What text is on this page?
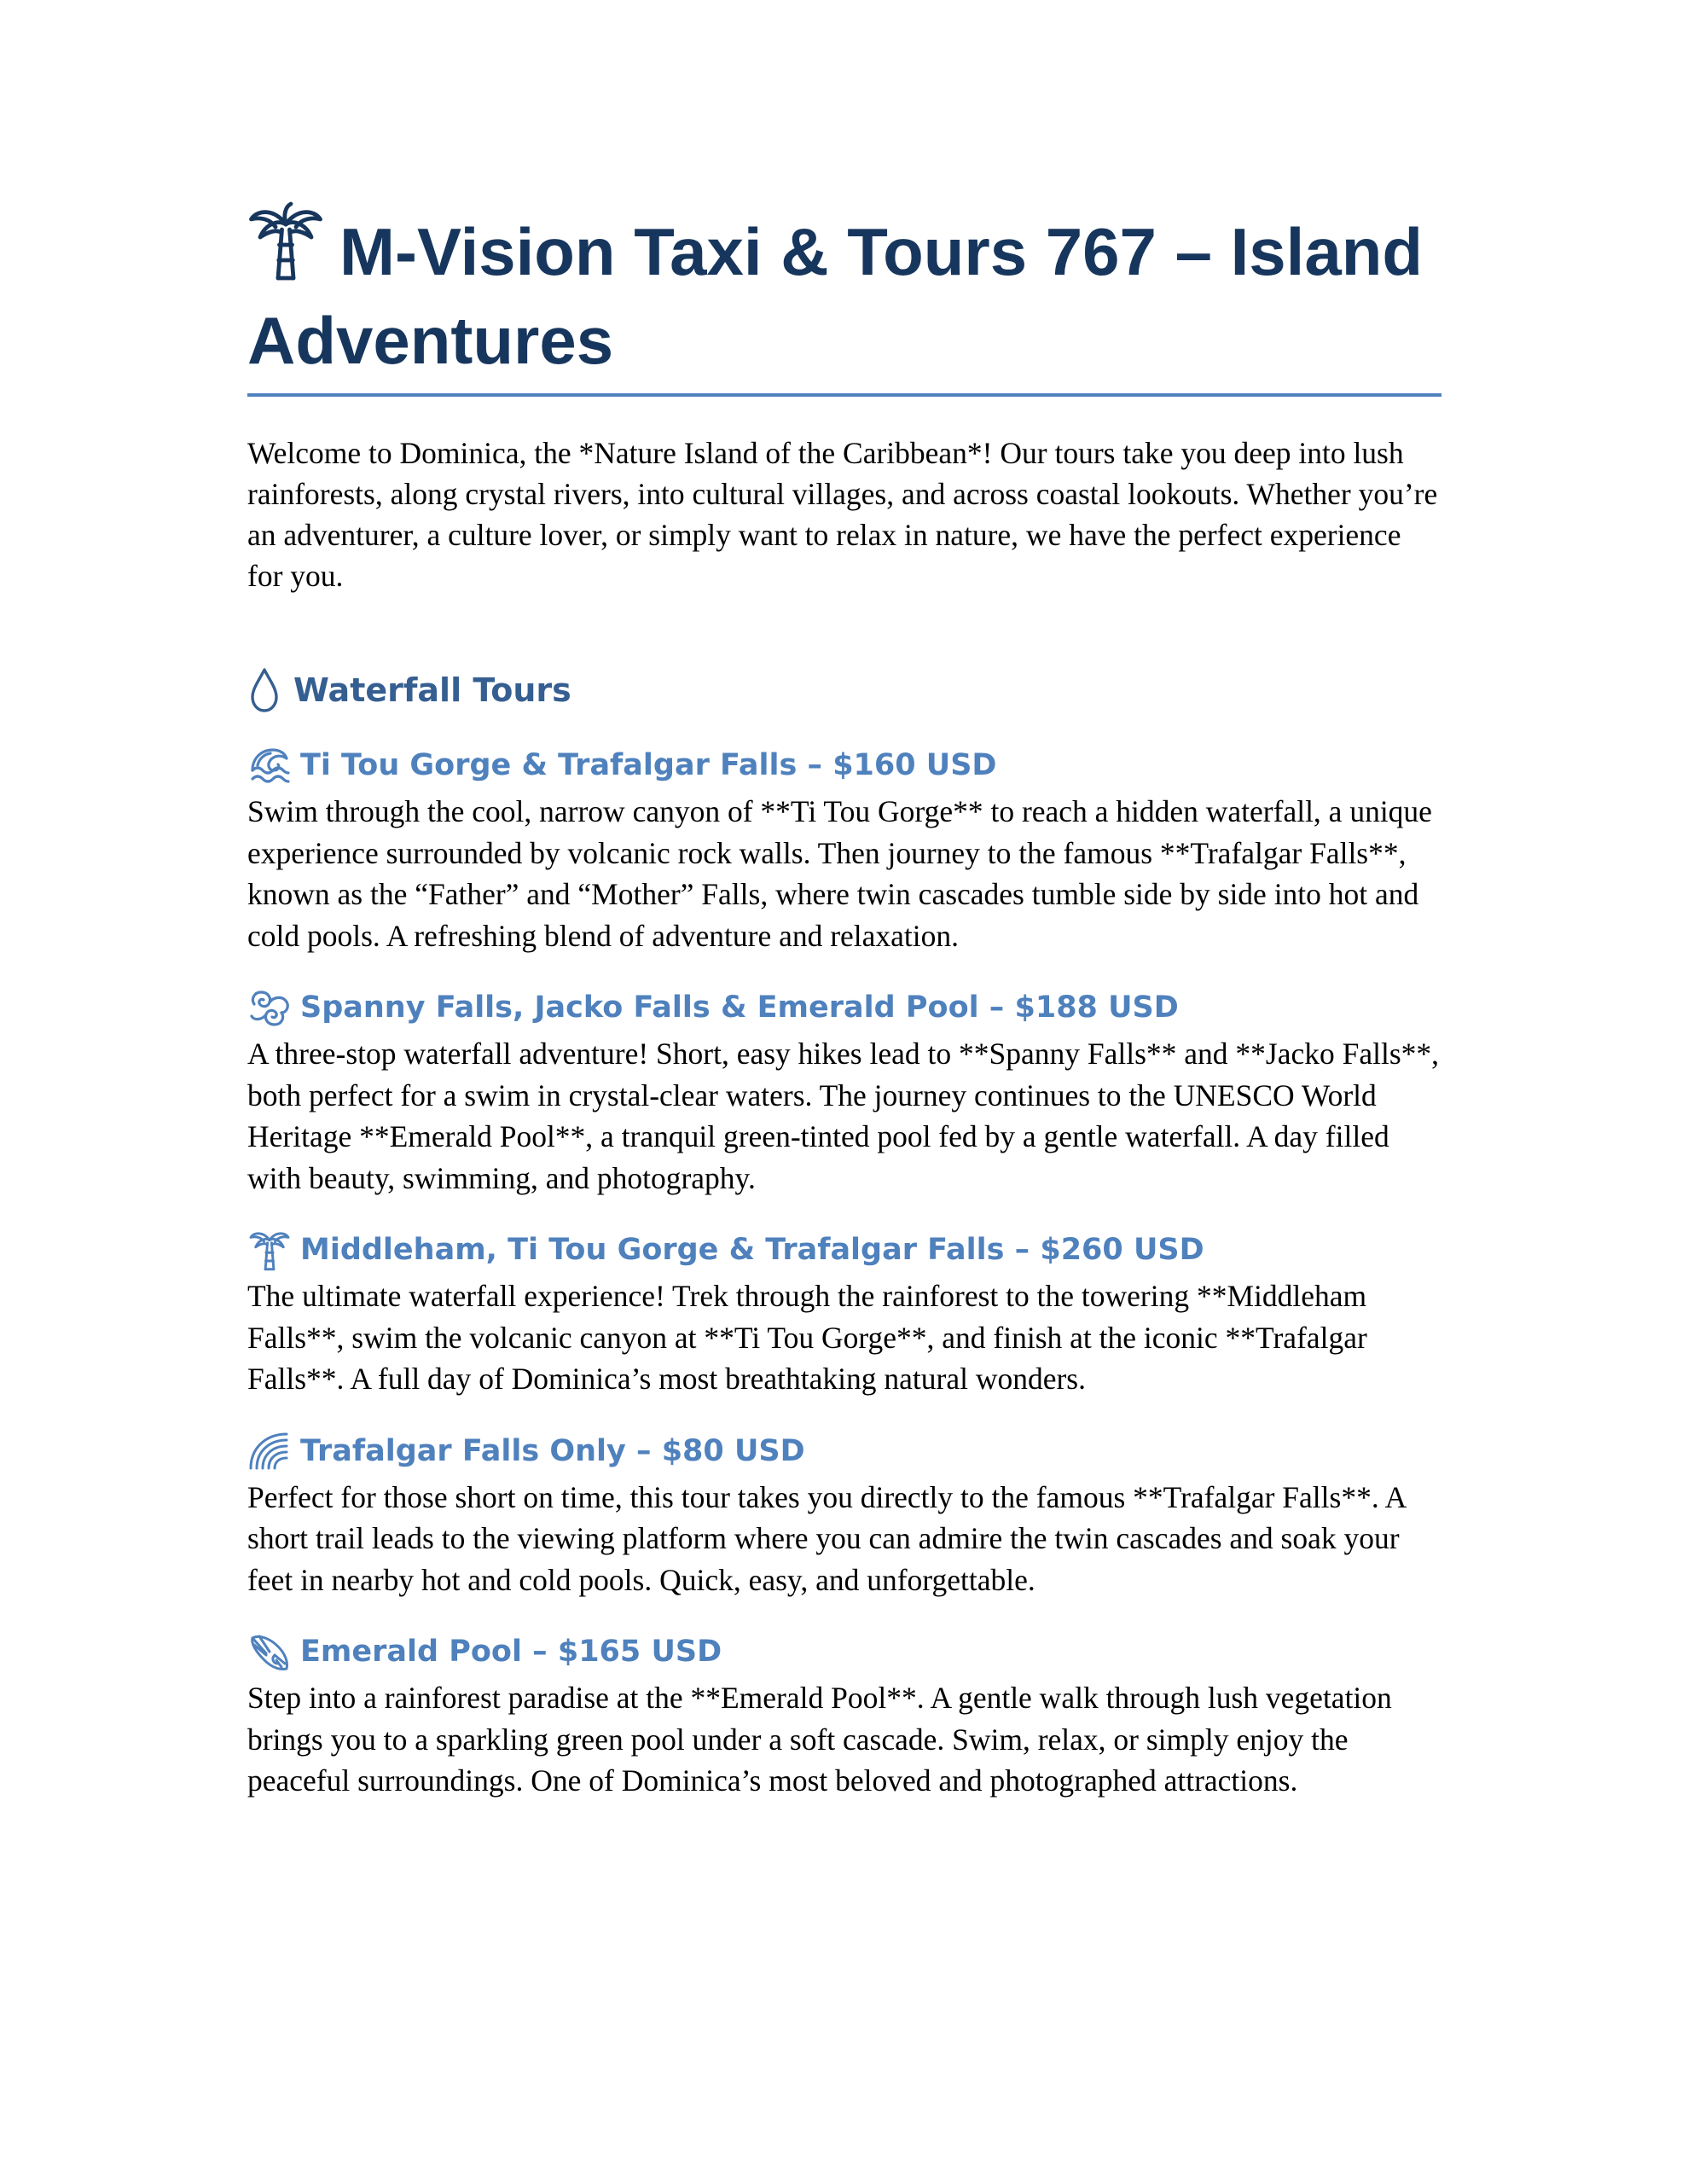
M-Vision Taxi & Tours 767 – Island Adventures

Welcome to Dominica, the *Nature Island of the Caribbean*! Our tours take you deep into lush rainforests, along crystal rivers, into cultural villages, and across coastal lookouts. Whether you’re an adventurer, a culture lover, or simply want to relax in nature, we have the perfect experience for you.

Waterfall Tours
Ti Tou Gorge & Trafalgar Falls – $160 USD

Swim through the cool, narrow canyon of **Ti Tou Gorge** to reach a hidden waterfall, a unique experience surrounded by volcanic rock walls. Then journey to the famous **Trafalgar Falls**, known as the “Father” and “Mother” Falls, where twin cascades tumble side by side into hot and cold pools. A refreshing blend of adventure and relaxation.

Spanny Falls, Jacko Falls & Emerald Pool – $188 USD

A three-stop waterfall adventure! Short, easy hikes lead to **Spanny Falls** and **Jacko Falls**, both perfect for a swim in crystal-clear waters. The journey continues to the UNESCO World Heritage **Emerald Pool**, a tranquil green-tinted pool fed by a gentle waterfall. A day filled with beauty, swimming, and photography.

Middleham, Ti Tou Gorge & Trafalgar Falls – $260 USD

The ultimate waterfall experience! Trek through the rainforest to the towering **Middleham Falls**, swim the volcanic canyon at **Ti Tou Gorge**, and finish at the iconic **Trafalgar Falls**. A full day of Dominica’s most breathtaking natural wonders.

Trafalgar Falls Only – $80 USD

Perfect for those short on time, this tour takes you directly to the famous **Trafalgar Falls**. A short trail leads to the viewing platform where you can admire the twin cascades and soak your feet in nearby hot and cold pools. Quick, easy, and unforgettable.

Emerald Pool – $165 USD

Step into a rainforest paradise at the **Emerald Pool**. A gentle walk through lush vegetation brings you to a sparkling green pool under a soft cascade. Swim, relax, or simply enjoy the peaceful surroundings. One of Dominica’s most beloved and photographed attractions.
